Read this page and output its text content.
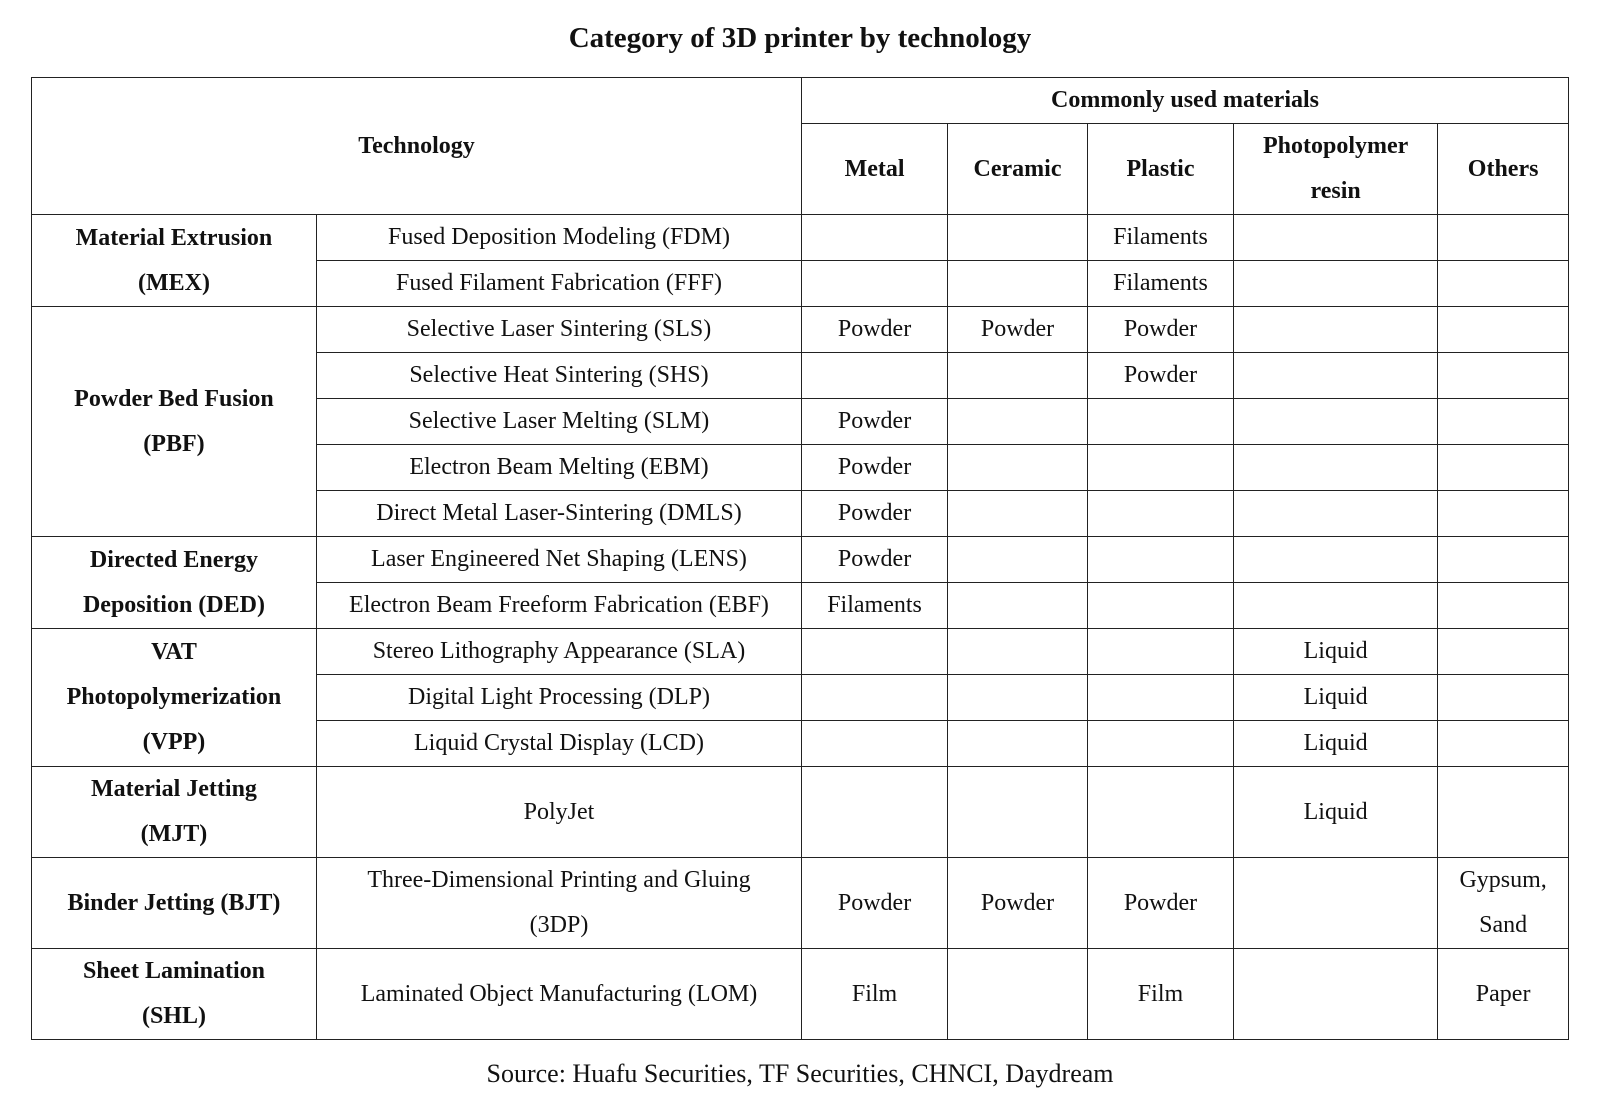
Category of 3D printer by technology
Technology		Commonly used materials				
		Metal	Ceramic	Plastic	Photopolymer
resin	Others
Material Extrusion
(MEX)	Fused Deposition Modeling (FDM)			Filaments		
	Fused Filament Fabrication (FFF)			Filaments		
Powder Bed Fusion
(PBF)	Selective Laser Sintering (SLS)	Powder	Powder	Powder		
	Selective Heat Sintering (SHS)			Powder		
	Selective Laser Melting (SLM)	Powder				
	Electron Beam Melting (EBM)	Powder				
	Direct Metal Laser-Sintering (DMLS)	Powder				
Directed Energy
Deposition (DED)	Laser Engineered Net Shaping (LENS)	Powder				
	Electron Beam Freeform Fabrication (EBF)	Filaments				
VAT
Photopolymerization
(VPP)	Stereo Lithography Appearance (SLA)				Liquid	
	Digital Light Processing (DLP)				Liquid	
	Liquid Crystal Display (LCD)				Liquid	
Material Jetting
(MJT)	PolyJet				Liquid	
Binder Jetting (BJT)	Three-Dimensional Printing and Gluing
(3DP)	Powder	Powder	Powder		Gypsum,
Sand
Sheet Lamination
(SHL)	Laminated Object Manufacturing (LOM)	Film		Film		Paper
Source: Huafu Securities, TF Securities, CHNCI, Daydream
